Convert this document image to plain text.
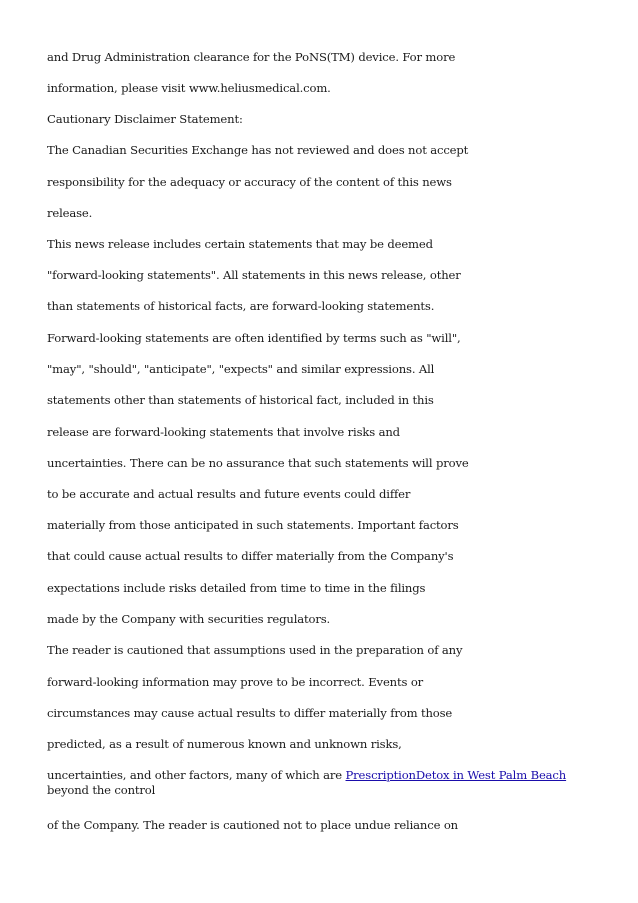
and Drug Administration clearance for the PoNS(TM) device. For more
information, please visit www.heliusmedical.com.
Cautionary Disclaimer Statement:
The Canadian Securities Exchange has not reviewed and does not accept
responsibility for the adequacy or accuracy of the content of this news
release.
This news release includes certain statements that may be deemed
"forward-looking statements". All statements in this news release, other
than statements of historical facts, are forward-looking statements.
Forward-looking statements are often identified by terms such as "will",
"may", "should", "anticipate", "expects" and similar expressions. All
statements other than statements of historical fact, included in this
release are forward-looking statements that involve risks and
uncertainties. There can be no assurance that such statements will prove
to be accurate and actual results and future events could differ
materially from those anticipated in such statements. Important factors
that could cause actual results to differ materially from the Company's
expectations include risks detailed from time to time in the filings
made by the Company with securities regulators.
The reader is cautioned that assumptions used in the preparation of any
forward-looking information may prove to be incorrect. Events or
circumstances may cause actual results to differ materially from those
predicted, as a result of numerous known and unknown risks,
uncertainties, and other factors, many of which are PrescriptionDetox in West Palm Beach beyond the control
of the Company. The reader is cautioned not to place undue reliance on
